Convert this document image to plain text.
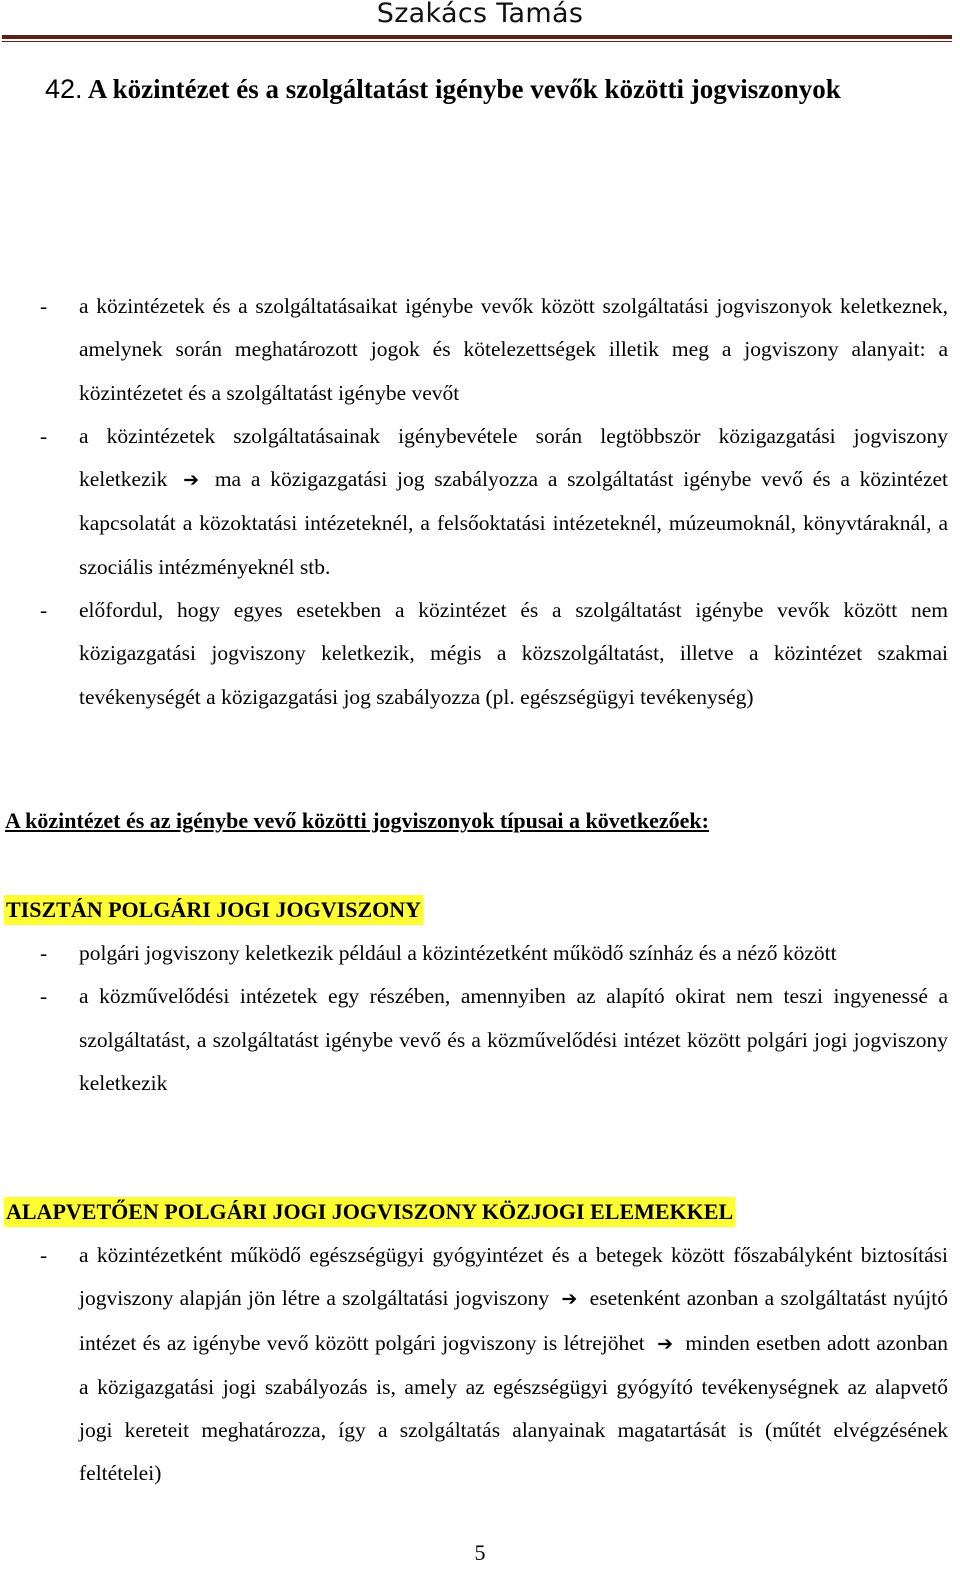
Szakács Tamás
42. A közintézet és a szolgáltatást igénybe vevők közötti jogviszonyok
- a közintézetek és a szolgáltatásaikat igénybe vevők között szolgáltatási jogviszonyok keletkeznek, amelynek során meghatározott jogok és kötelezettségek illetik meg a jogviszony alanyait: a közintézetet és a szolgáltatást igénybe vevőt
- a közintézetek szolgáltatásainak igénybevétele során legtöbbször közigazgatási jogviszony keletkezik ➔ ma a közigazgatási jog szabályozza a szolgáltatást igénybe vevő és a közintézet kapcsolatát a közoktatási intézeteknél, a felsőoktatási intézeteknél, múzeumoknál, könyvtáraknál, a szociális intézményeknél stb.
- előfordul, hogy egyes esetekben a közintézet és a szolgáltatást igénybe vevők között nem közigazgatási jogviszony keletkezik, mégis a közszolgáltatást, illetve a közintézet szakmai tevékenységét a közigazgatási jog szabályozza (pl. egészségügyi tevékenység)
A közintézet és az igénybe vevő közötti jogviszonyok típusai a következőek:
TISZTÁN POLGÁRI JOGI JOGVISZONY
- polgári jogviszony keletkezik például a közintézetként működő színház és a néző között
- a közművelődési intézetek egy részében, amennyiben az alapító okirat nem teszi ingyenessé a szolgáltatást, a szolgáltatást igénybe vevő és a közművelődési intézet között polgári jogi jogviszony keletkezik
ALAPVETŐEN POLGÁRI JOGI JOGVISZONY KÖZJOGI ELEMEKKEL
- a közintézetként működő egészségügyi gyógyintézet és a betegek között főszabályként biztosítási jogviszony alapján jön létre a szolgáltatási jogviszony ➔ esetenként azonban a szolgáltatást nyújtó intézet és az igénybe vevő között polgári jogviszony is létrejöhet ➔ minden esetben adott azonban a közigazgatási jogi szabályozás is, amely az egészségügyi gyógyító tevékenységnek az alapvető jogi kereteit meghatározza, így a szolgáltatás alanyainak magatartását is (műtét elvégzésének feltételei)
5
